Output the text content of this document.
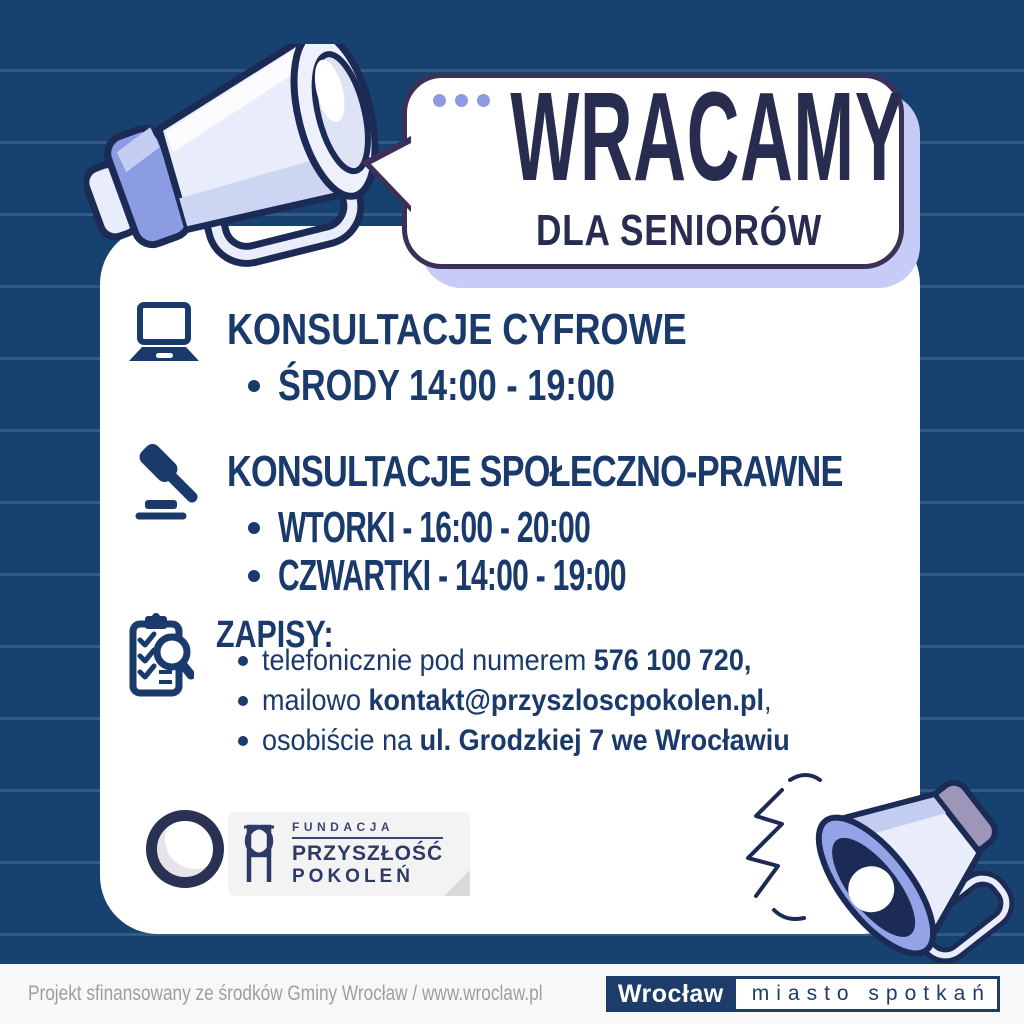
KONSULTACJE CYFROWE
ŚRODY 14:00 - 19:00
KONSULTACJE SPOŁECZNO-PRAWNE
WTORKI - 16:00 - 20:00
CZWARTKI - 14:00 - 19:00
ZAPISY:
telefonicznie pod numerem 576 100 720,
mailowo kontakt@przyszloscpokolen.pl,
osobiście na ul. Grodzkiej 7 we Wrocławiu
FUNDACJA
PRZYSZŁOŚĆ
POKOLEŃ
WRACAMY
DLA SENIORÓW
Projekt sfinansowany ze środków Gminy Wrocław / www.wroclaw.pl	Wrocław	miasto spotkań
